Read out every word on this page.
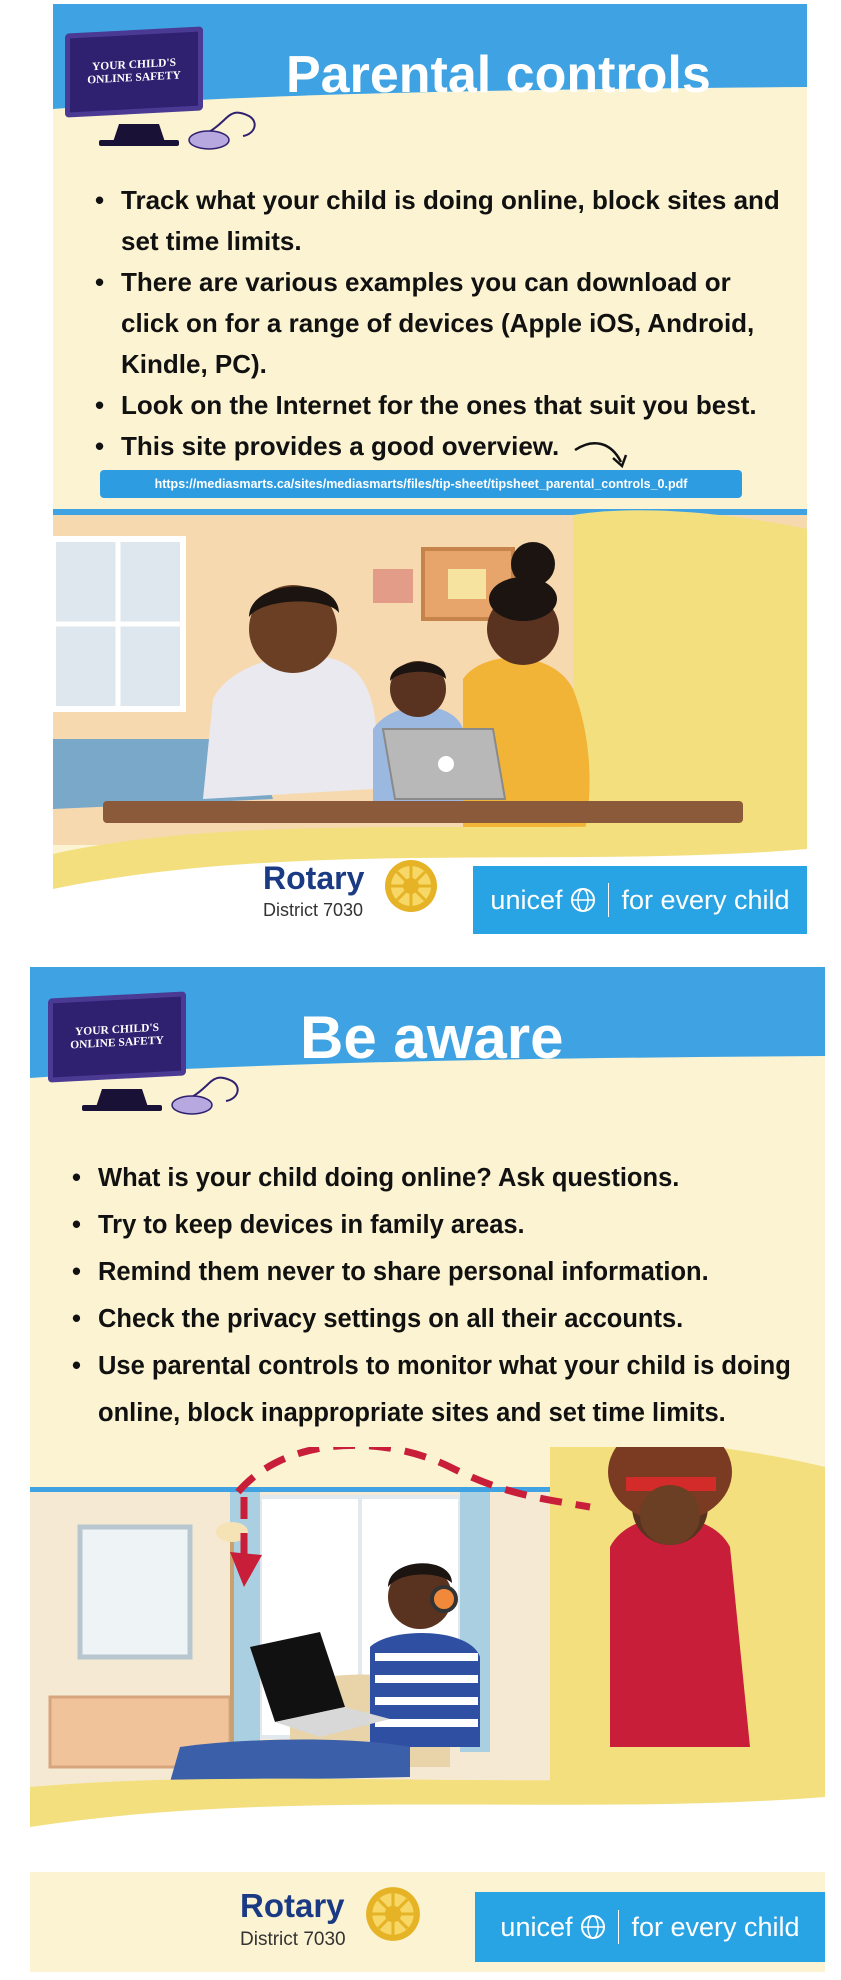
YOUR CHILD'S
ONLINE SAFETY Parental controls
• Track what your child is doing online, block sites and set time limits.
• There are various examples you can download or click on for a range of devices (Apple iOS, Android, Kindle, PC).
• Look on the Internet for the ones that suit you best.
• This site provides a good overview.
https://mediasmarts.ca/sites/mediasmarts/files/tip-sheet/tipsheet_parental_controls_0.pdf
Rotary
District 7030	unicef for every child
YOUR CHILD'S
ONLINE SAFETY Be aware
• What is your child doing online? Ask questions.
• Try to keep devices in family areas.
• Remind them never to share personal information.
• Check the privacy settings on all their accounts.
• Use parental controls to monitor what your child is doing online, block inappropriate sites and set time limits.
Rotary
District 7030	unicef for every child
